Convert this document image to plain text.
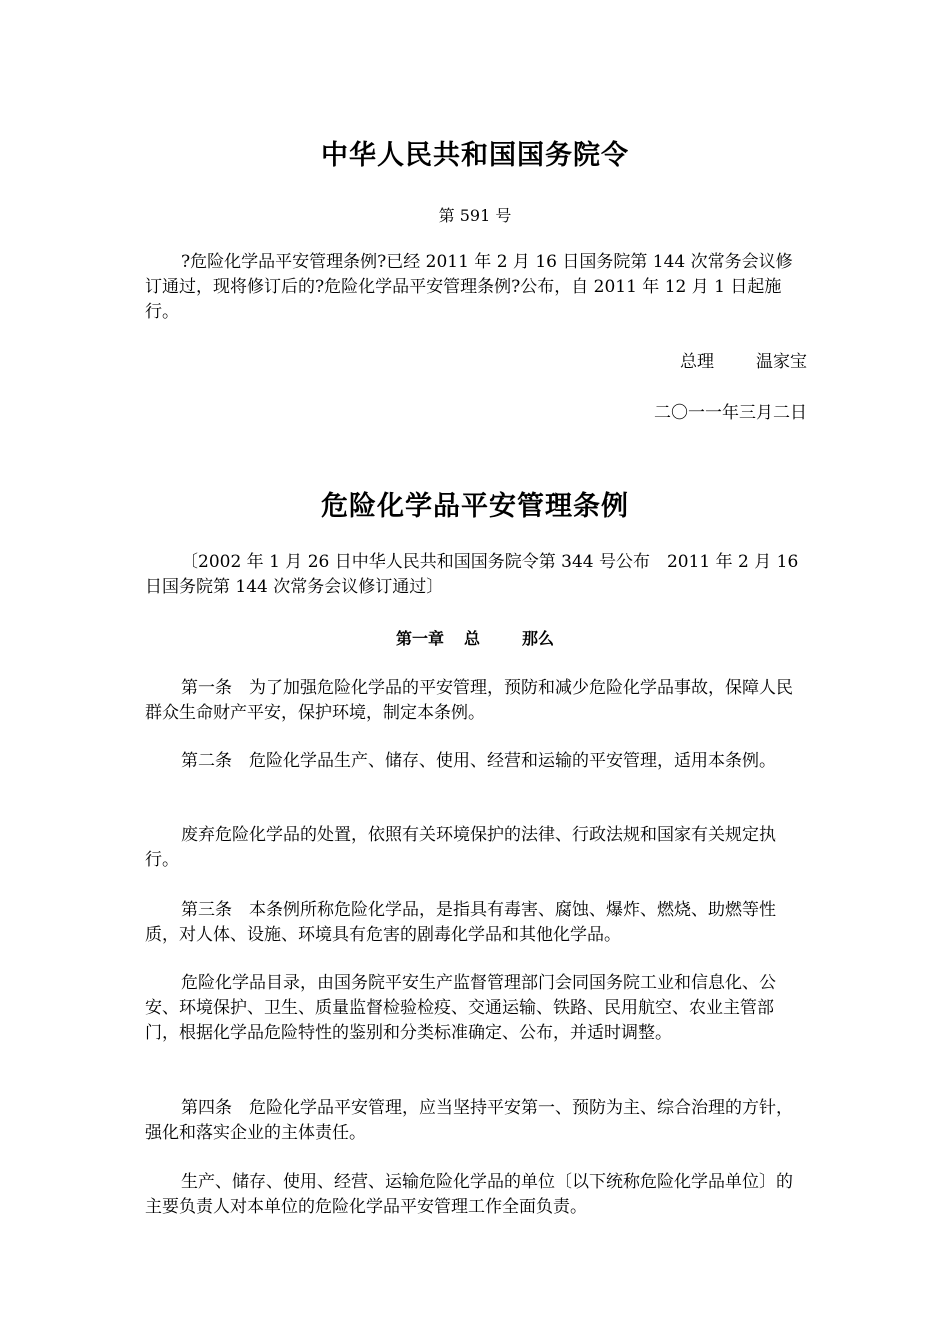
中华人民共和国国务院令
第 591 号

?危险化学品平安管理条例?已经 2011 年 2 月 16 日国务院第 144 次常务会议修订通过，现将修订后的?危险化学品平安管理条例?公布，自 2011 年 12 月 1 日起施行。

总理 温家宝
二〇一一年三月二日
危险化学品平安管理条例

〔2002 年 1 月 26 日中华人民共和国国务院令第 344 号公布　2011 年 2 月 16 日国务院第 144 次常务会议修订通过〕

第一章 总	那么

第一条　为了加强危险化学品的平安管理，预防和减少危险化学品事故，保障人民群众生命财产平安，保护环境，制定本条例。

第二条　危险化学品生产、储存、使用、经营和运输的平安管理，适用本条例。

废弃危险化学品的处置，依照有关环境保护的法律、行政法规和国家有关规定执行。

第三条　本条例所称危险化学品，是指具有毒害、腐蚀、爆炸、燃烧、助燃等性质，对人体、设施、环境具有危害的剧毒化学品和其他化学品。

危险化学品目录，由国务院平安生产监督管理部门会同国务院工业和信息化、公安、环境保护、卫生、质量监督检验检疫、交通运输、铁路、民用航空、农业主管部门，根据化学品危险特性的鉴别和分类标准确定、公布，并适时调整。

第四条　危险化学品平安管理，应当坚持平安第一、预防为主、综合治理的方针，强化和落实企业的主体责任。

生产、储存、使用、经营、运输危险化学品的单位〔以下统称危险化学品单位〕的主要负责人对本单位的危险化学品平安管理工作全面负责。
